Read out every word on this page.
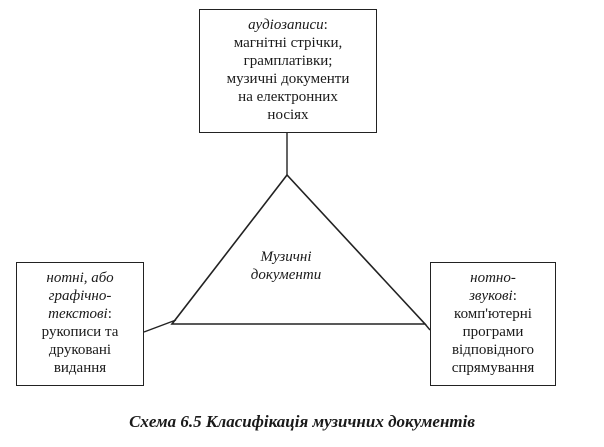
аудіозаписи:
магнітні стрічки,
грамплатівки;
музичні документи
на електронних
носіях
нотні, або
графічно-
текстові:
рукописи та
друковані
видання
нотно-
звукові:
комп'ютерні
програми
відповідного
спрямування
Музичні
документи
Схема 6.5 Класифікація музичних документів
